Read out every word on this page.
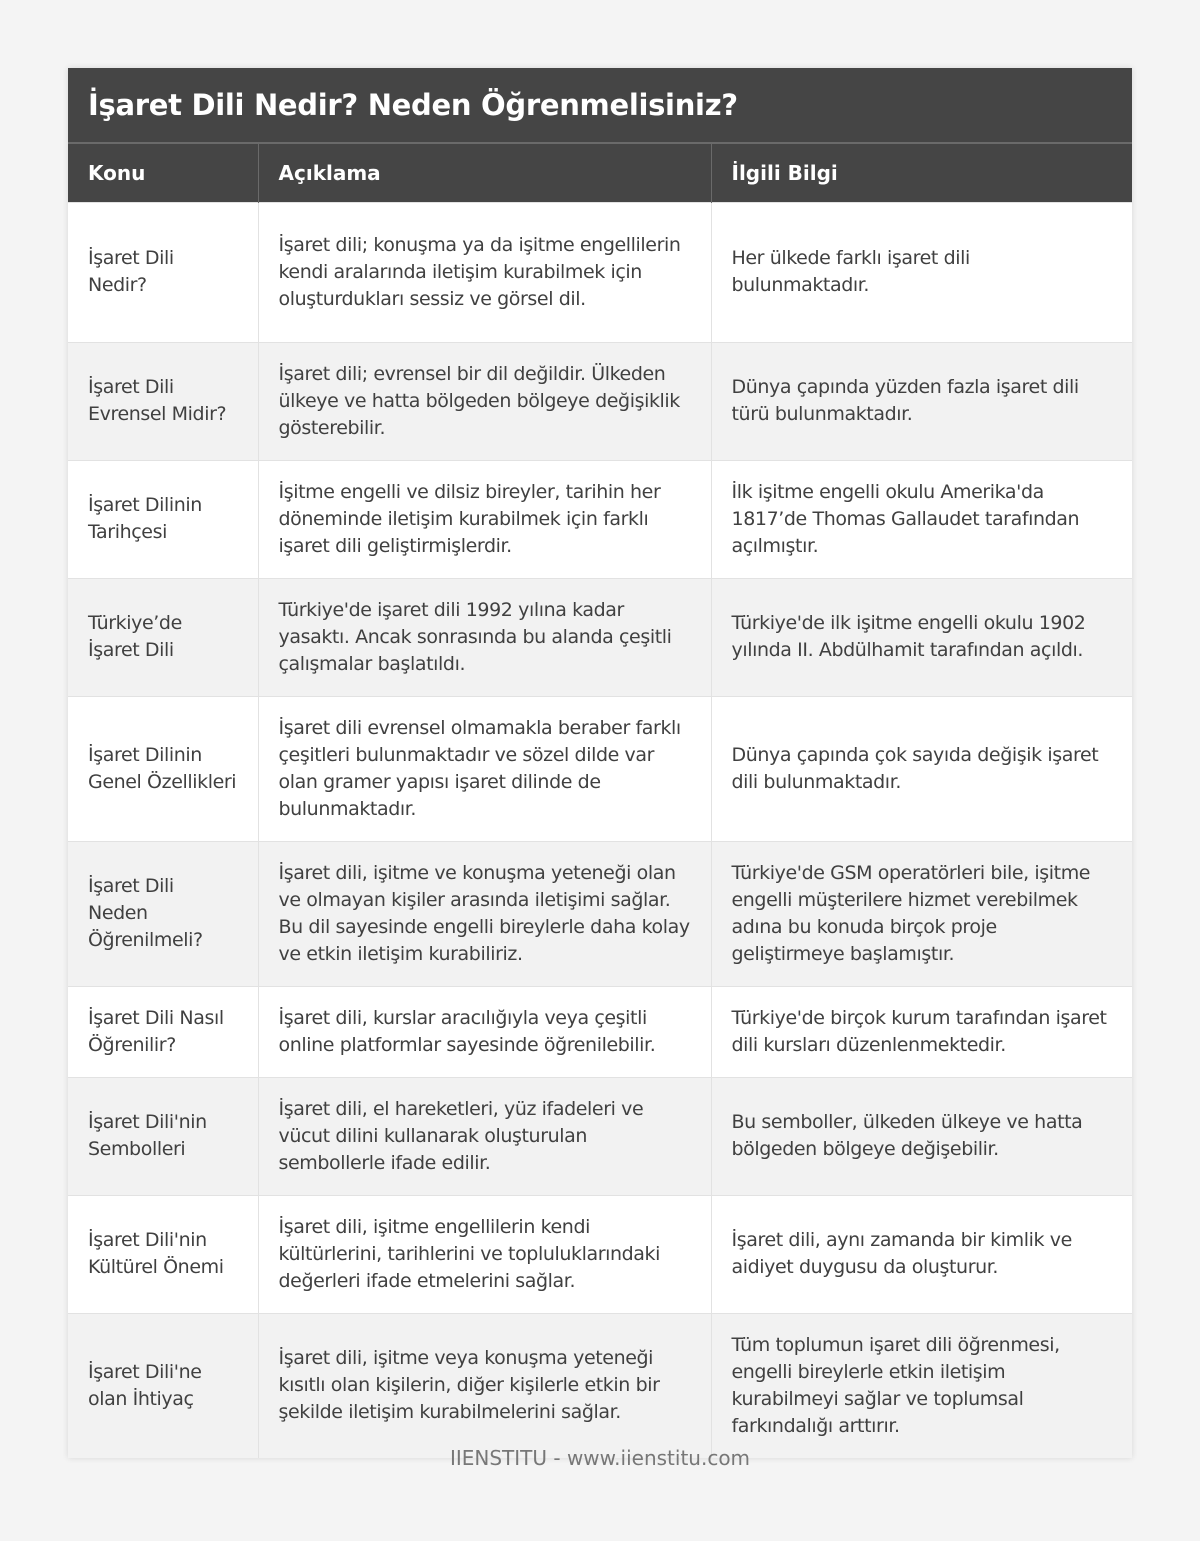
İşaret Dili Nedir? Neden Öğrenmelisiniz?
Konu	Açıklama	İlgili Bilgi
İşaret Dili Nedir?	İşaret dili; konuşma ya da işitme engellilerin kendi aralarında iletişim kurabilmek için oluşturdukları sessiz ve görsel dil.	Her ülkede farklı işaret dili bulunmaktadır.
İşaret Dili Evrensel Midir?	İşaret dili; evrensel bir dil değildir. Ülkeden ülkeye ve hatta bölgeden bölgeye değişiklik gösterebilir.	Dünya çapında yüzden fazla işaret dili türü bulunmaktadır.
İşaret Dilinin Tarihçesi	İşitme engelli ve dilsiz bireyler, tarihin her döneminde iletişim kurabilmek için farklı işaret dili geliştirmişlerdir.	İlk işitme engelli okulu Amerika'da 1817’de Thomas Gallaudet tarafından açılmıştır.
Türkiye’de İşaret Dili	Türkiye'de işaret dili 1992 yılına kadar yasaktı. Ancak sonrasında bu alanda çeşitli çalışmalar başlatıldı.	Türkiye'de ilk işitme engelli okulu 1902 yılında II. Abdülhamit tarafından açıldı.
İşaret Dilinin Genel Özellikleri	İşaret dili evrensel olmamakla beraber farklı çeşitleri bulunmaktadır ve sözel dilde var olan gramer yapısı işaret dilinde de bulunmaktadır.	Dünya çapında çok sayıda değişik işaret dili bulunmaktadır.
İşaret Dili Neden Öğrenilmeli?	İşaret dili, işitme ve konuşma yeteneği olan ve olmayan kişiler arasında iletişimi sağlar. Bu dil sayesinde engelli bireylerle daha kolay ve etkin iletişim kurabiliriz.	Türkiye'de GSM operatörleri bile, işitme engelli müşterilere hizmet verebilmek adına bu konuda birçok proje geliştirmeye başlamıştır.
İşaret Dili Nasıl Öğrenilir?	İşaret dili, kurslar aracılığıyla veya çeşitli online platformlar sayesinde öğrenilebilir.	Türkiye'de birçok kurum tarafından işaret dili kursları düzenlenmektedir.
İşaret Dili'nin Sembolleri	İşaret dili, el hareketleri, yüz ifadeleri ve vücut dilini kullanarak oluşturulan sembollerle ifade edilir.	Bu semboller, ülkeden ülkeye ve hatta bölgeden bölgeye değişebilir.
İşaret Dili'nin Kültürel Önemi	İşaret dili, işitme engellilerin kendi kültürlerini, tarihlerini ve topluluklarındaki değerleri ifade etmelerini sağlar.	İşaret dili, aynı zamanda bir kimlik ve aidiyet duygusu da oluşturur.
İşaret Dili'ne olan İhtiyaç	İşaret dili, işitme veya konuşma yeteneği kısıtlı olan kişilerin, diğer kişilerle etkin bir şekilde iletişim kurabilmelerini sağlar.	Tüm toplumun işaret dili öğrenmesi, engelli bireylerle etkin iletişim kurabilmeyi sağlar ve toplumsal farkındalığı arttırır.
IIENSTITU - www.iienstitu.com
